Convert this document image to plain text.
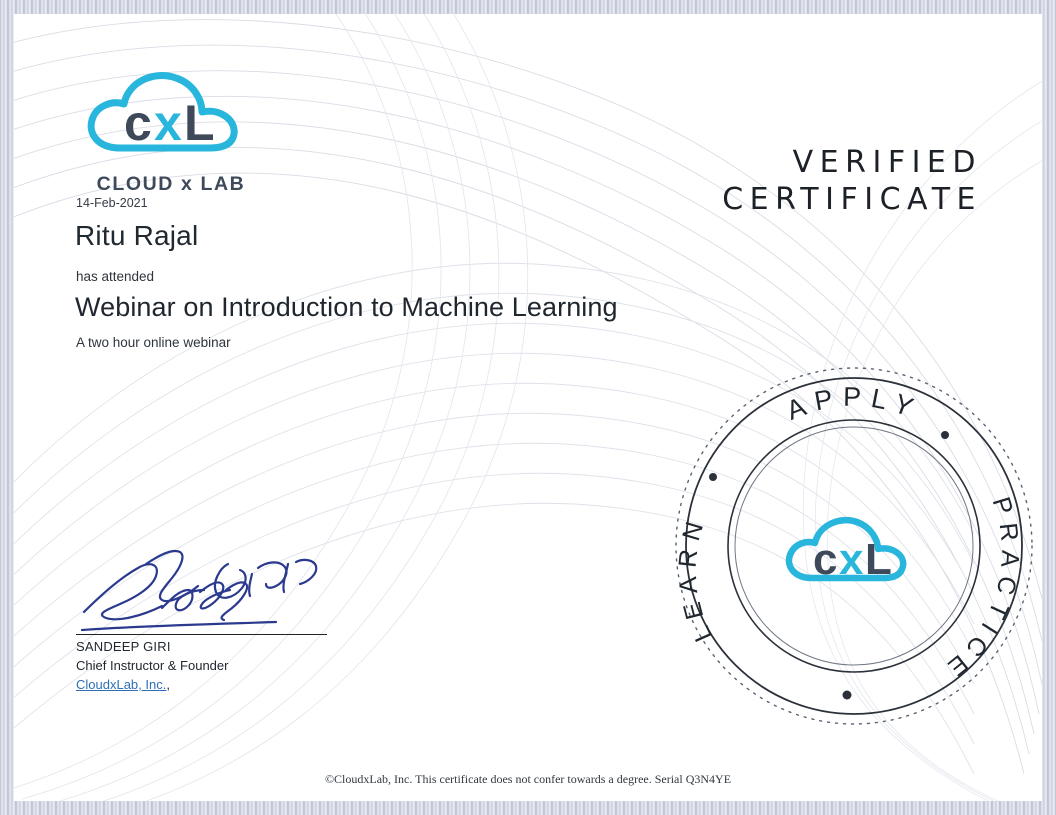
c x L
CLOUD x LAB
14-Feb-2021
Ritu Rajal
has attended
Webinar on Introduction to Machine Learning
A two hour online webinar
VERIFIED
CERTIFICATE
SANDEEP GIRI
Chief Instructor & Founder
CloudxLab, Inc.,
APPLY
PRACTICE
LEARN
c x L
©CloudxLab, Inc. This certificate does not confer towards a degree. Serial Q3N4YE
